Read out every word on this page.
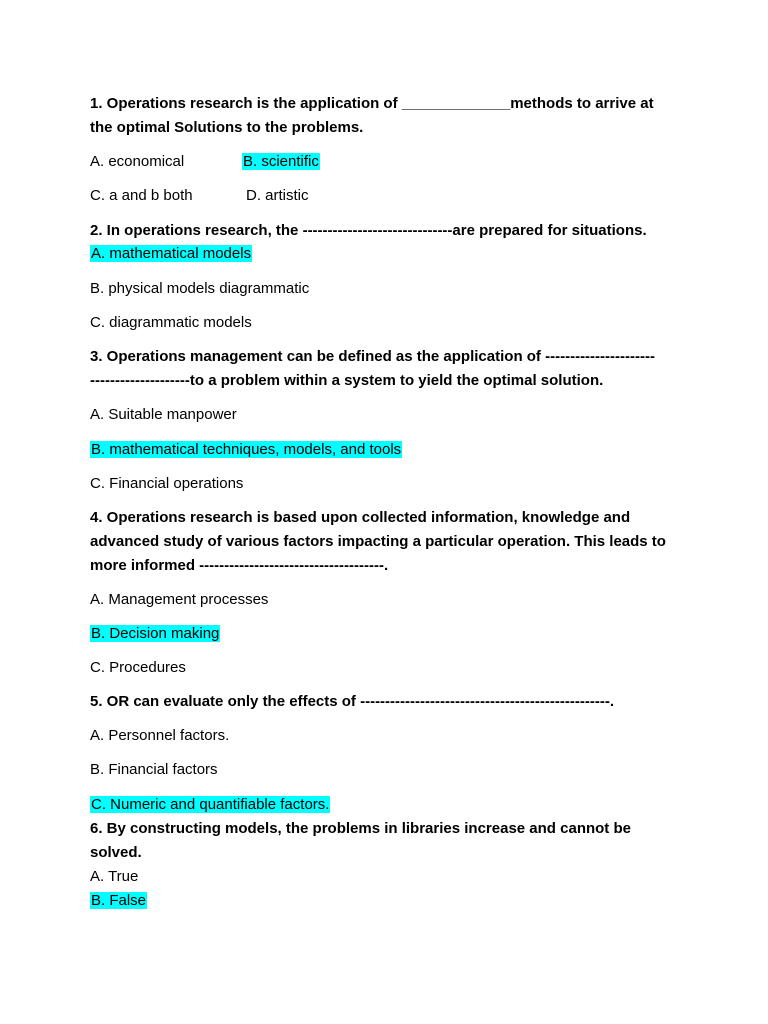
1. Operations research is the application of _____________methods to arrive at
the optimal Solutions to the problems.
A. economical	B. scientific
C. a and b both	D. artistic
2. In operations research, the ------------------------------are prepared for situations.
A. mathematical models
B. physical models diagrammatic
C. diagrammatic models
3. Operations management can be defined as the application of ----------------------
--------------------to a problem within a system to yield the optimal solution.
A. Suitable manpower
B. mathematical techniques, models, and tools
C. Financial operations
4. Operations research is based upon collected information, knowledge and
advanced study of various factors impacting a particular operation. This leads to
more informed -------------------------------------.
A. Management processes
B. Decision making
C. Procedures
5. OR can evaluate only the effects of --------------------------------------------------.
A. Personnel factors.
B. Financial factors
C. Numeric and quantifiable factors.
6. By constructing models, the problems in libraries increase and cannot be
solved.
A. True
B. False
